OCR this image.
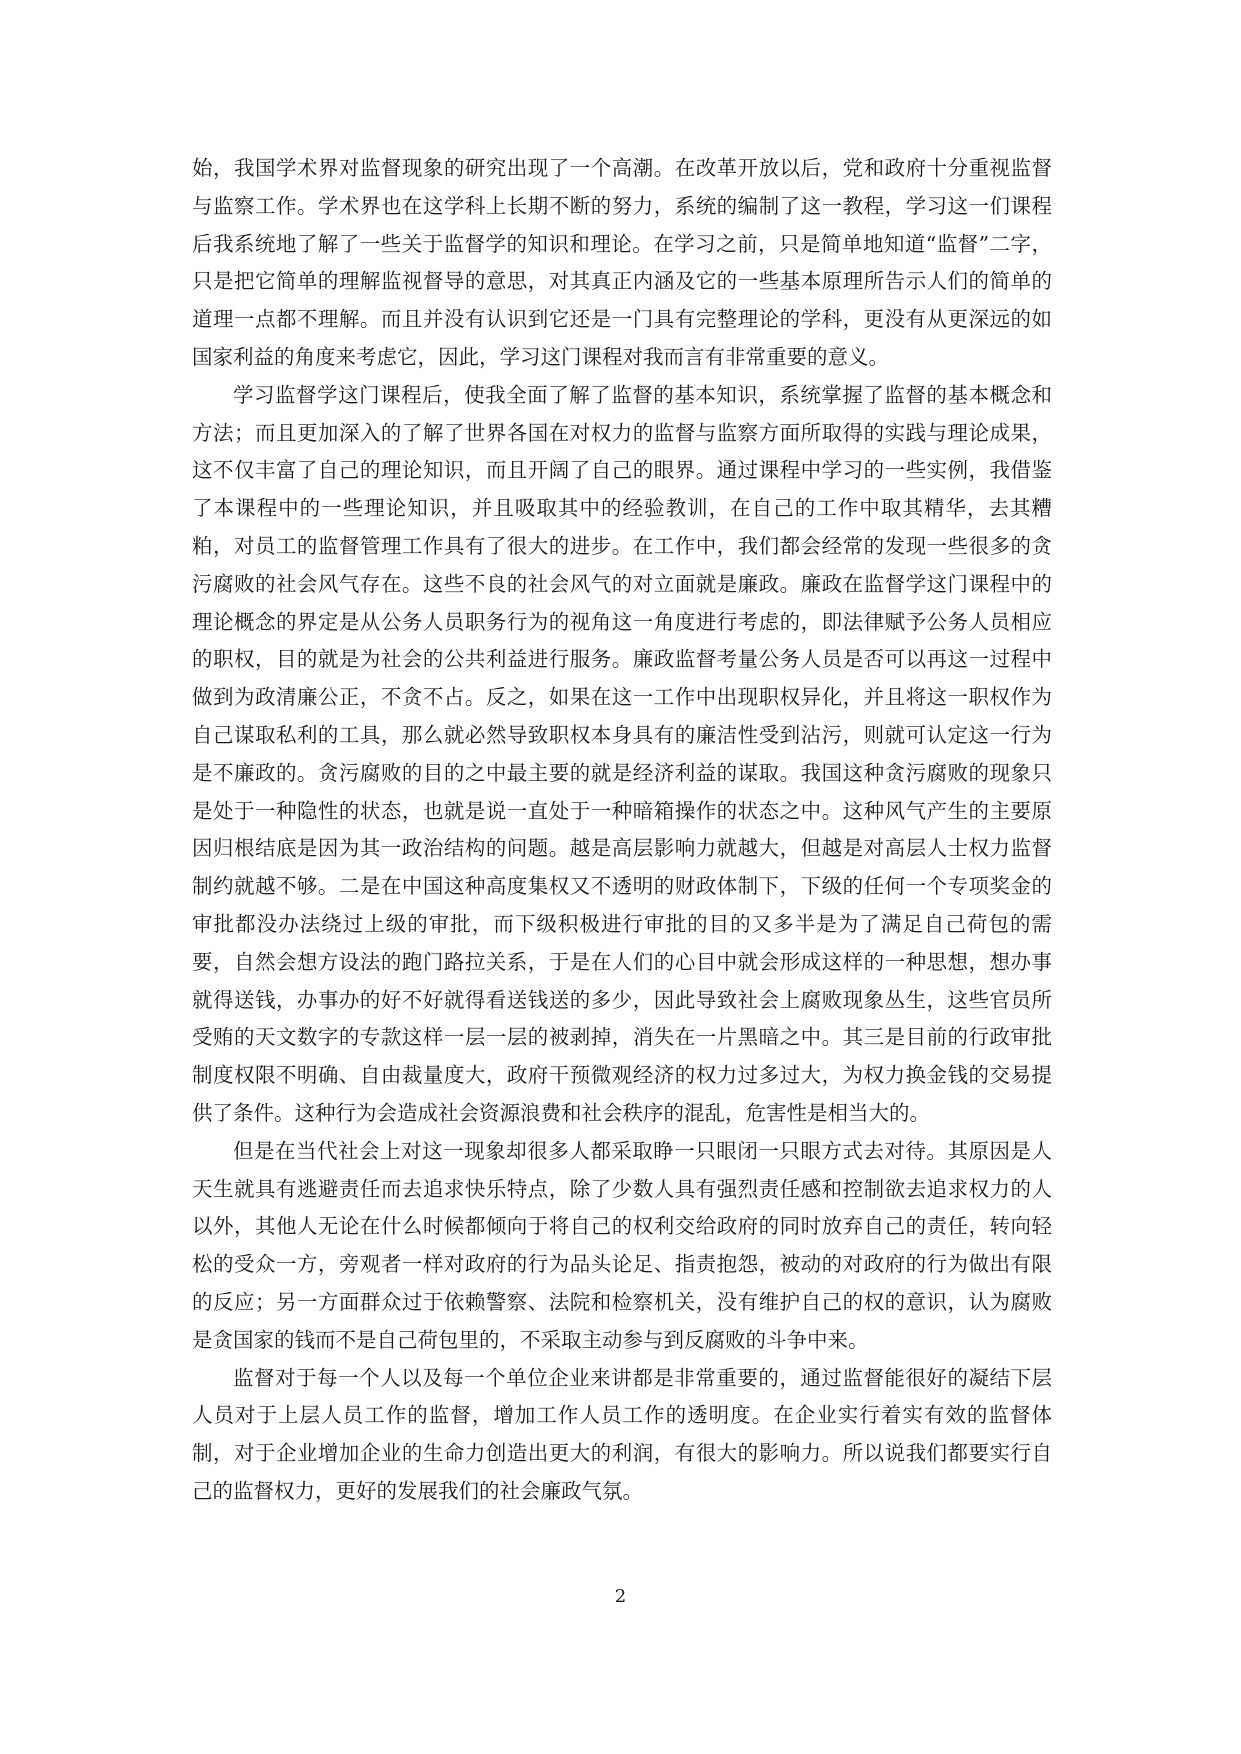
始，我国学术界对监督现象的研究出现了一个高潮。在改革开放以后，党和政府十分重视监督与监察工作。学术界也在这学科上长期不断的努力，系统的编制了这一教程，学习这一们课程后我系统地了解了一些关于监督学的知识和理论。在学习之前，只是简单地知道“监督”二字，只是把它简单的理解监视督导的意思，对其真正内涵及它的一些基本原理所告示人们的简单的道理一点都不理解。而且并没有认识到它还是一门具有完整理论的学科，更没有从更深远的如国家利益的角度来考虑它，因此，学习这门课程对我而言有非常重要的意义。

学习监督学这门课程后，使我全面了解了监督的基本知识，系统掌握了监督的基本概念和方法；而且更加深入的了解了世界各国在对权力的监督与监察方面所取得的实践与理论成果，这不仅丰富了自己的理论知识，而且开阔了自己的眼界。通过课程中学习的一些实例，我借鉴了本课程中的一些理论知识，并且吸取其中的经验教训，在自己的工作中取其精华，去其糟粕，对员工的监督管理工作具有了很大的进步。在工作中，我们都会经常的发现一些很多的贪污腐败的社会风气存在。这些不良的社会风气的对立面就是廉政。廉政在监督学这门课程中的理论概念的界定是从公务人员职务行为的视角这一角度进行考虑的，即法律赋予公务人员相应的职权，目的就是为社会的公共利益进行服务。廉政监督考量公务人员是否可以再这一过程中做到为政清廉公正，不贪不占。反之，如果在这一工作中出现职权异化，并且将这一职权作为自己谋取私利的工具，那么就必然导致职权本身具有的廉洁性受到沾污，则就可认定这一行为是不廉政的。贪污腐败的目的之中最主要的就是经济利益的谋取。我国这种贪污腐败的现象只是处于一种隐性的状态，也就是说一直处于一种暗箱操作的状态之中。这种风气产生的主要原因归根结底是因为其一政治结构的问题。越是高层影响力就越大，但越是对高层人士权力监督制约就越不够。二是在中国这种高度集权又不透明的财政体制下，下级的任何一个专项奖金的审批都没办法绕过上级的审批，而下级积极进行审批的目的又多半是为了满足自己荷包的需要，自然会想方设法的跑门路拉关系，于是在人们的心目中就会形成这样的一种思想，想办事就得送钱，办事办的好不好就得看送钱送的多少，因此导致社会上腐败现象丛生，这些官员所受贿的天文数字的专款这样一层一层的被剥掉，消失在一片黑暗之中。其三是目前的行政审批制度权限不明确、自由裁量度大，政府干预微观经济的权力过多过大，为权力换金钱的交易提供了条件。这种行为会造成社会资源浪费和社会秩序的混乱，危害性是相当大的。

但是在当代社会上对这一现象却很多人都采取睁一只眼闭一只眼方式去对待。其原因是人天生就具有逃避责任而去追求快乐特点，除了少数人具有强烈责任感和控制欲去追求权力的人以外，其他人无论在什么时候都倾向于将自己的权利交给政府的同时放弃自己的责任，转向轻松的受众一方，旁观者一样对政府的行为品头论足、指责抱怨，被动的对政府的行为做出有限的反应；另一方面群众过于依赖警察、法院和检察机关，没有维护自己的权的意识，认为腐败是贪国家的钱而不是自己荷包里的，不采取主动参与到反腐败的斗争中来。

监督对于每一个人以及每一个单位企业来讲都是非常重要的，通过监督能很好的凝结下层人员对于上层人员工作的监督，增加工作人员工作的透明度。在企业实行着实有效的监督体制，对于企业增加企业的生命力创造出更大的利润，有很大的影响力。所以说我们都要实行自己的监督权力，更好的发展我们的社会廉政气氛。

2
